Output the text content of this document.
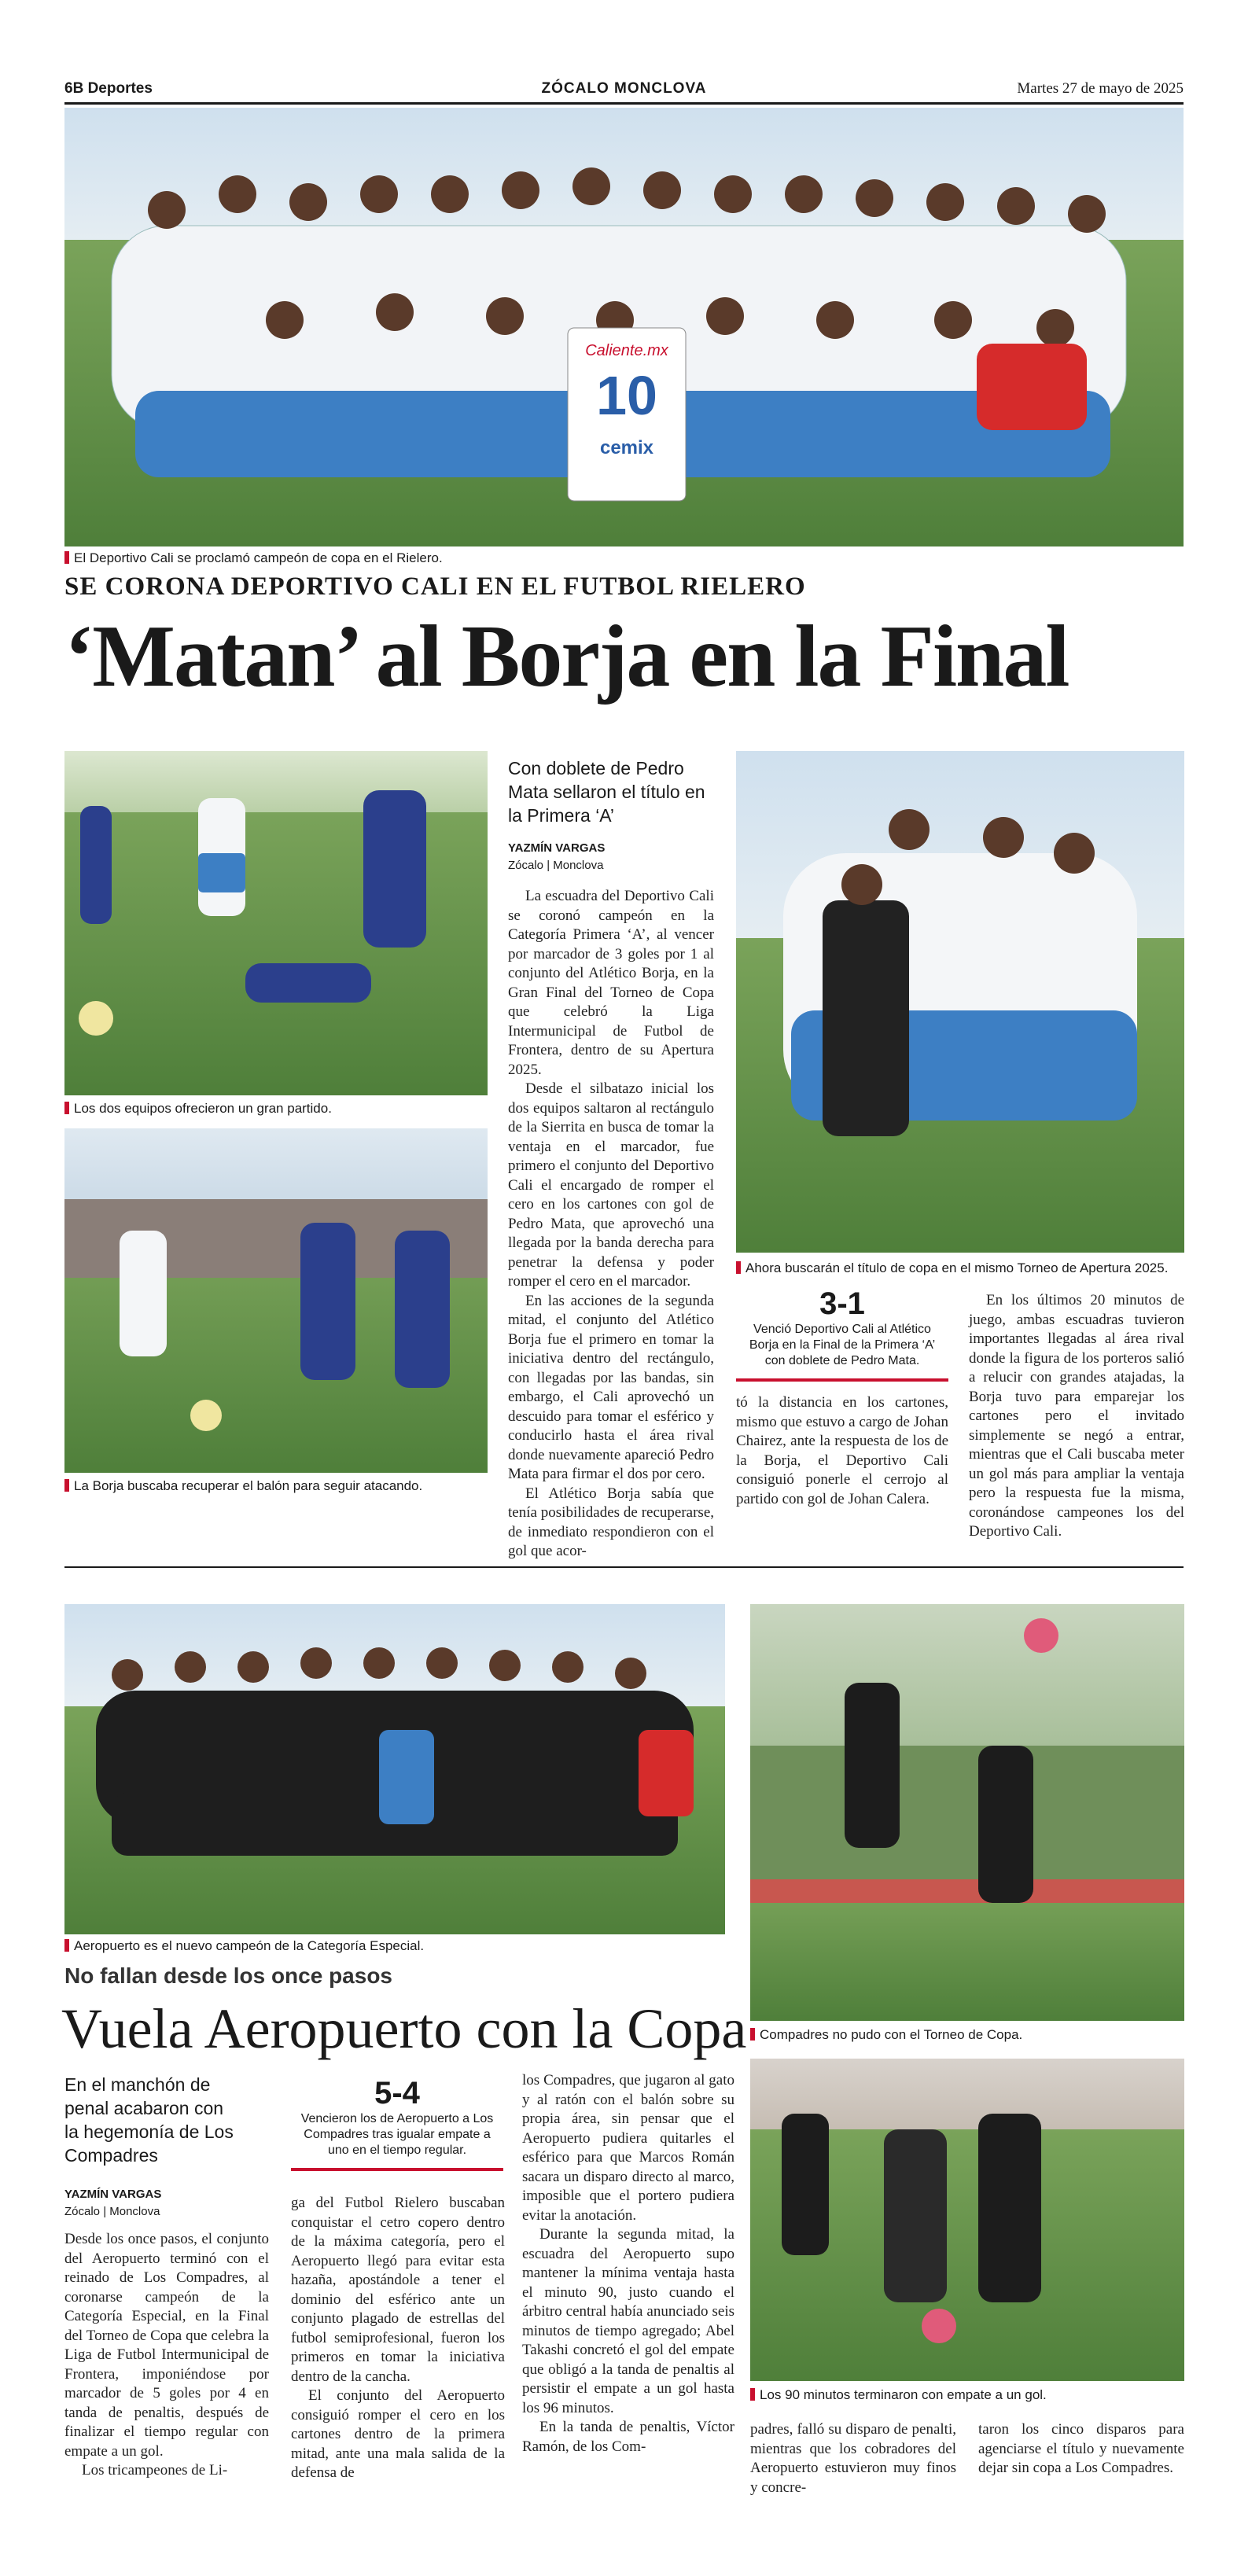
6B Deportes	ZÓCALO MONCLOVA	Martes 27 de mayo de 2025
Caliente.mx
10
cemix
El Deportivo Cali se proclamó campeón de copa en el Rielero.
SE CORONA DEPORTIVO CALI EN EL FUTBOL RIELERO
‘Matan’ al Borja en la Final
Los dos equipos ofrecieron un gran partido.
La Borja buscaba recuperar el balón para seguir atacando.
Con doblete de Pedro Mata sellaron el título en la Primera ‘A’
YAZMÍN VARGAS
Zócalo | Monclova

La escuadra del Deportivo Cali se coronó campeón en la Categoría Primera ‘A’, al vencer por marcador de 3 goles por 1 al conjunto del Atlético Borja, en la Gran Final del Torneo de Copa que celebró la Liga Intermunicipal de Futbol de Frontera, dentro de su Apertura 2025.

Desde el silbatazo inicial los dos equipos saltaron al rectángulo de la Sierrita en busca de tomar la ventaja en el marcador, fue primero el conjunto del Deportivo Cali el encargado de romper el cero en los cartones con gol de Pedro Mata, que aprovechó una llegada por la banda derecha para penetrar la defensa y poder romper el cero en el marcador.

En las acciones de la segunda mitad, el conjunto del Atlético Borja fue el primero en tomar la iniciativa dentro del rectángulo, con llegadas por las bandas, sin embargo, el Cali aprovechó un descuido para tomar el esférico y conducirlo hasta el área rival donde nuevamente apareció Pedro Mata para firmar el dos por cero.

El Atlético Borja sabía que tenía posibilidades de recuperarse, de inmediato respondieron con el gol que acor-

Ahora buscarán el título de copa en el mismo Torneo de Apertura 2025.
3-1
Venció Deportivo Cali al Atlético Borja en la Final de la Primera ‘A’ con doblete de Pedro Mata.

tó la distancia en los cartones, mismo que estuvo a cargo de Johan Chairez, ante la respuesta de los de la Borja, el Deportivo Cali consiguió ponerle el cerrojo al partido con gol de Johan Calera.

En los últimos 20 minutos de juego, ambas escuadras tuvieron importantes llegadas al área rival donde la figura de los porteros salió a relucir con grandes atajadas, la Borja tuvo para emparejar los cartones pero el invitado simplemente se negó a entrar, mientras que el Cali buscaba meter un gol más para ampliar la ventaja pero la respuesta fue la misma, coronándose campeones los del Deportivo Cali.

Aeropuerto es el nuevo campeón de la Categoría Especial.
No fallan desde los once pasos
Vuela Aeropuerto con la Copa
En el manchón de penal acabaron con la hegemonía de Los Compadres
YAZMÍN VARGAS
Zócalo | Monclova
5-4
Vencieron los de Aeropuerto a Los Compadres tras igualar empate a uno en el tiempo regular.

Desde los once pasos, el conjunto del Aeropuerto terminó con el reinado de Los Compadres, al coronarse campeón de la Categoría Especial, en la Final del Torneo de Copa que celebra la Liga de Futbol Intermunicipal de Frontera, imponiéndose por marcador de 5 goles por 4 en tanda de penaltis, después de finalizar el tiempo regular con empate a un gol.

Los tricampeones de Li-

ga del Futbol Rielero buscaban conquistar el cetro copero dentro de la máxima categoría, pero el Aeropuerto llegó para evitar esta hazaña, apostándole a tener el dominio del esférico ante un conjunto plagado de estrellas del futbol semiprofesional, fueron los primeros en tomar la iniciativa dentro de la cancha.

El conjunto del Aeropuerto consiguió romper el cero en los cartones dentro de la primera mitad, ante una mala salida de la defensa de

los Compadres, que jugaron al gato y al ratón con el balón sobre su propia área, sin pensar que el Aeropuerto pudiera quitarles el esférico para que Marcos Román sacara un disparo directo al marco, imposible que el portero pudiera evitar la anotación.

Durante la segunda mitad, la escuadra del Aeropuerto supo mantener la mínima ventaja hasta el minuto 90, justo cuando el árbitro central había anunciado seis minutos de tiempo agregado; Abel Takashi concretó el gol del empate que obligó a la tanda de penaltis al persistir el empate a un gol hasta los 96 minutos.

En la tanda de penaltis, Víctor Ramón, de los Com-

Compadres no pudo con el Torneo de Copa.
Los 90 minutos terminaron con empate a un gol.

padres, falló su disparo de penalti, mientras que los cobradores del Aeropuerto estuvieron muy finos y concre-

taron los cinco disparos para agenciarse el título y nuevamente dejar sin copa a Los Compadres.
